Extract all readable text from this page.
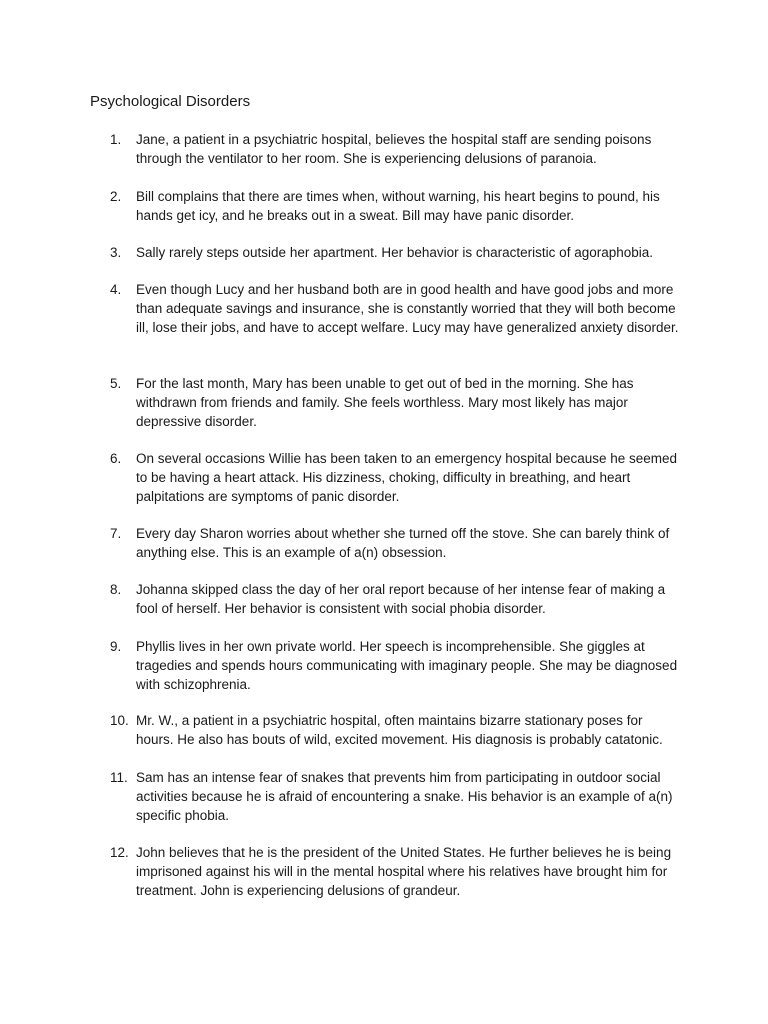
Psychological Disorders
1.	Jane, a patient in a psychiatric hospital, believes the hospital staff are sending poisons through the ventilator to her room. She is experiencing delusions of paranoia.
2.	Bill complains that there are times when, without warning, his heart begins to pound, his hands get icy, and he breaks out in a sweat. Bill may have panic disorder.
3.	Sally rarely steps outside her apartment. Her behavior is characteristic of agoraphobia.
4.	Even though Lucy and her husband both are in good health and have good jobs and more than adequate savings and insurance, she is constantly worried that they will both become ill, lose their jobs, and have to accept welfare. Lucy may have generalized anxiety disorder.
5.	For the last month, Mary has been unable to get out of bed in the morning. She has withdrawn from friends and family. She feels worthless. Mary most likely has major depressive disorder.
6.	On several occasions Willie has been taken to an emergency hospital because he seemed to be having a heart attack. His dizziness, choking, difficulty in breathing, and heart palpitations are symptoms of panic disorder.
7.	Every day Sharon worries about whether she turned off the stove. She can barely think of anything else. This is an example of a(n) obsession.
8.	Johanna skipped class the day of her oral report because of her intense fear of making a fool of herself. Her behavior is consistent with social phobia disorder.
9.	Phyllis lives in her own private world. Her speech is incomprehensible. She giggles at tragedies and spends hours communicating with imaginary people. She may be diagnosed with schizophrenia.
10. Mr. W., a patient in a psychiatric hospital, often maintains bizarre stationary poses for hours. He also has bouts of wild, excited movement. His diagnosis is probably catatonic.
11. Sam has an intense fear of snakes that prevents him from participating in outdoor social activities because he is afraid of encountering a snake. His behavior is an example of a(n) specific phobia.
12. John believes that he is the president of the United States. He further believes he is being imprisoned against his will in the mental hospital where his relatives have brought him for treatment. John is experiencing delusions of grandeur.
